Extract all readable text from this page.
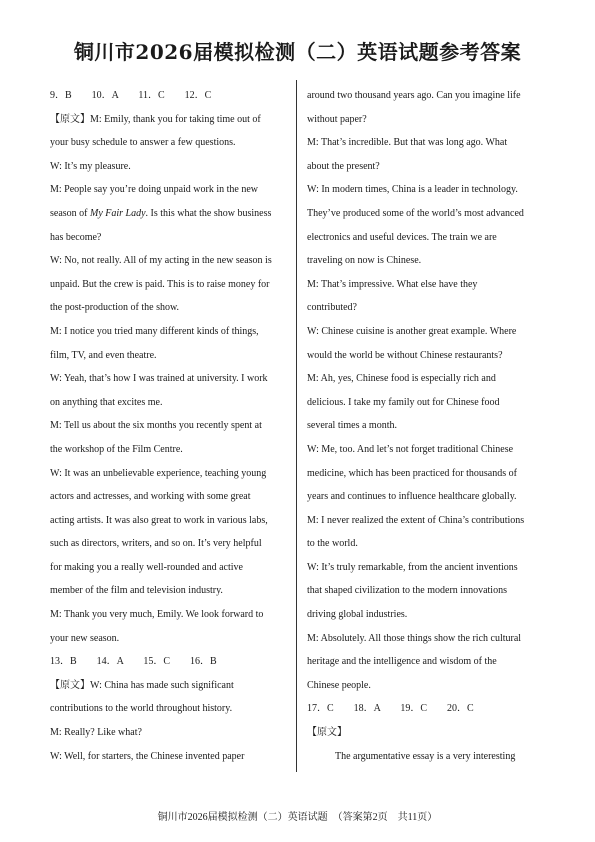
铜川市2026届模拟检测（二）英语试题参考答案
9．B　　10．A　　11．C　　12．C
【原文】M: Emily, thank you for taking time out of
your busy schedule to answer a few questions.
W: It’s my pleasure.
M: People say you’re doing unpaid work in the new
season of My Fair Lady. Is this what the show business
has become?
W: No, not really. All of my acting in the new season is
unpaid. But the crew is paid. This is to raise money for
the post-production of the show.
M: I notice you tried many different kinds of things,
film, TV, and even theatre.
W: Yeah, that’s how I was trained at university. I work
on anything that excites me.
M: Tell us about the six months you recently spent at
the workshop of the Film Centre.
W: It was an unbelievable experience, teaching young
actors and actresses, and working with some great
acting artists. It was also great to work in various labs,
such as directors, writers, and so on. It’s very helpful
for making you a really well-rounded and active
member of the film and television industry.
M: Thank you very much, Emily. We look forward to
your new season.
13．B　　14．A　　15．C　　16．B
【原文】W: China has made such significant
contributions to the world throughout history.
M: Really? Like what?
W: Well, for starters, the Chinese invented paper
around two thousand years ago. Can you imagine life
without paper?
M: That’s incredible. But that was long ago. What
about the present?
W: In modern times, China is a leader in technology.
They’ve produced some of the world’s most advanced
electronics and useful devices. The train we are
traveling on now is Chinese.
M: That’s impressive. What else have they
contributed?
W: Chinese cuisine is another great example. Where
would the world be without Chinese restaurants?
M: Ah, yes, Chinese food is especially rich and
delicious. I take my family out for Chinese food
several times a month.
W: Me, too. And let’s not forget traditional Chinese
medicine, which has been practiced for thousands of
years and continues to influence healthcare globally.
M: I never realized the extent of China’s contributions
to the world.
W: It’s truly remarkable, from the ancient inventions
that shaped civilization to the modern innovations
driving global industries.
M: Absolutely. All those things show the rich cultural
heritage and the intelligence and wisdom of the
Chinese people.
17．C　　18．A　　19．C　　20．C
【原文】
The argumentative essay is a very interesting
铜川市2026届模拟检测（二）英语试题　（答案第2页　共11页）
